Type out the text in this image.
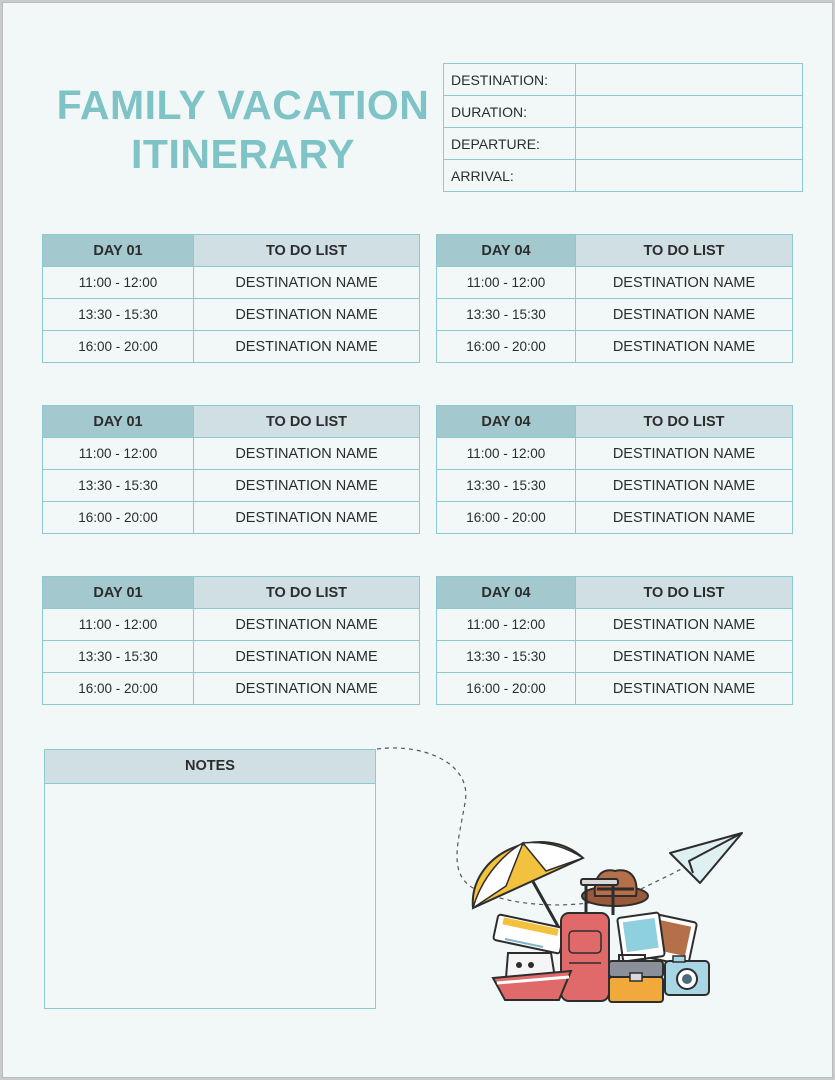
FAMILY VACATION
ITINERARY
DESTINATION:	
DURATION:	
DEPARTURE:	
ARRIVAL:	
DAY 01	TO DO LIST
11:00 - 12:00	DESTINATION NAME
13:30 - 15:30	DESTINATION NAME
16:00 - 20:00	DESTINATION NAME
DAY 04	TO DO LIST
11:00 - 12:00	DESTINATION NAME
13:30 - 15:30	DESTINATION NAME
16:00 - 20:00	DESTINATION NAME
DAY 01	TO DO LIST
11:00 - 12:00	DESTINATION NAME
13:30 - 15:30	DESTINATION NAME
16:00 - 20:00	DESTINATION NAME
DAY 04	TO DO LIST
11:00 - 12:00	DESTINATION NAME
13:30 - 15:30	DESTINATION NAME
16:00 - 20:00	DESTINATION NAME
DAY 01	TO DO LIST
11:00 - 12:00	DESTINATION NAME
13:30 - 15:30	DESTINATION NAME
16:00 - 20:00	DESTINATION NAME
DAY 04	TO DO LIST
11:00 - 12:00	DESTINATION NAME
13:30 - 15:30	DESTINATION NAME
16:00 - 20:00	DESTINATION NAME
NOTES
